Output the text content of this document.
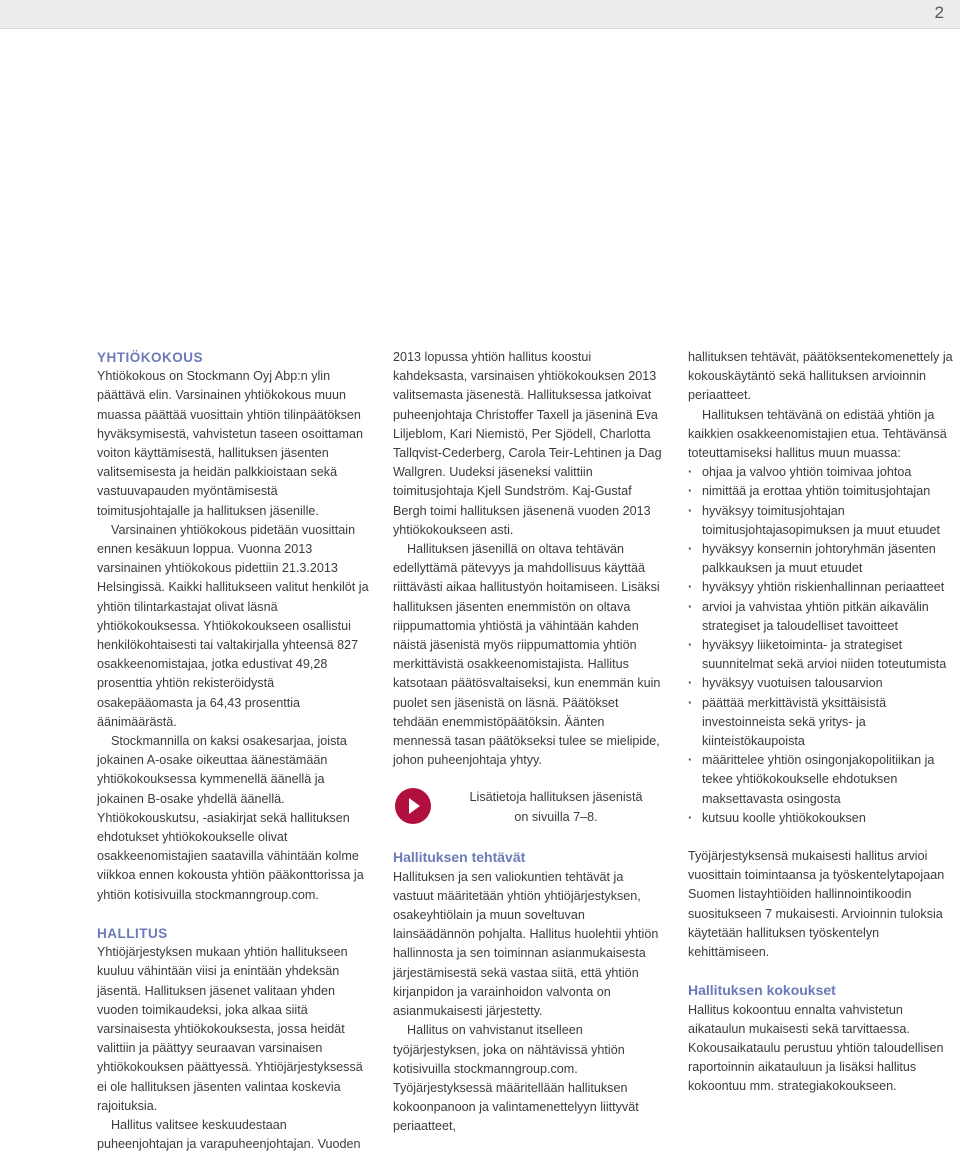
2
YHTIÖKOKOUS

Yhtiökokous on Stockmann Oyj Abp:n ylin päättävä elin. Varsinainen yhtiökokous muun muassa päättää vuosittain yhtiön tilinpäätöksen hyväksymisestä, vahvistetun taseen osoittaman voiton käyttämisestä, hallituksen jäsenten valitsemisesta ja heidän palkkioistaan sekä vastuuvapauden myöntämisestä toimitusjohtajalle ja hallituksen jäsenille.

Varsinainen yhtiökokous pidetään vuosittain ennen kesäkuun loppua. Vuonna 2013 varsinainen yhtiökokous pidettiin 21.3.2013 Helsingissä. Kaikki hallitukseen valitut henkilöt ja yhtiön tilintarkastajat olivat läsnä yhtiökokouksessa. Yhtiökokoukseen osallistui henkilökohtaisesti tai valtakirjalla yhteensä 827 osakkeenomistajaa, jotka edustivat 49,28 prosenttia yhtiön rekisteröidystä osakepääomasta ja 64,43 prosenttia äänimäärästä.

Stockmannilla on kaksi osakesarjaa, joista jokainen A-osake oikeuttaa äänestämään yhtiökokouksessa kymmenellä äänellä ja jokainen B-osake yhdellä äänellä. Yhtiökokouskutsu, -asiakirjat sekä hallituksen ehdotukset yhtiökokoukselle olivat osakkeenomistajien saatavilla vähintään kolme viikkoa ennen kokousta yhtiön pääkonttorissa ja yhtiön kotisivuilla stockmanngroup.com.

HALLITUS

Yhtiöjärjestyksen mukaan yhtiön hallitukseen kuuluu vähintään viisi ja enintään yhdeksän jäsentä. Hallituksen jäsenet valitaan yhden vuoden toimikaudeksi, joka alkaa siitä varsinaisesta yhtiökokouksesta, jossa heidät valittiin ja päättyy seuraavan varsinaisen yhtiökokouksen päättyessä. Yhtiöjärjestyksessä ei ole hallituksen jäsenten valintaa koskevia rajoituksia.

Hallitus valitsee keskuudestaan puheenjohtajan ja varapuheenjohtajan. Vuoden

2013 lopussa yhtiön hallitus koostui kahdeksasta, varsinaisen yhtiökokouksen 2013 valitsemasta jäsenestä. Hallituksessa jatkoivat puheenjohtaja Christoffer Taxell ja jäseninä Eva Liljeblom, Kari Niemistö, Per Sjödell, Charlotta Tallqvist-Cederberg, Carola Teir-Lehtinen ja Dag Wallgren. Uudeksi jäseneksi valittiin toimitusjohtaja Kjell Sundström. Kaj-Gustaf Bergh toimi hallituksen jäsenenä vuoden 2013 yhtiökokoukseen asti.

Hallituksen jäsenillä on oltava tehtävän edellyttämä pätevyys ja mahdollisuus käyttää riittävästi aikaa hallitustyön hoitamiseen. Lisäksi hallituksen jäsenten enemmistön on oltava riippumattomia yhtiöstä ja vähintään kahden näistä jäsenistä myös riippumattomia yhtiön merkittävistä osakkeenomistajista. Hallitus katsotaan päätösvaltaiseksi, kun enemmän kuin puolet sen jäsenistä on läsnä. Päätökset tehdään enemmistöpäätöksin. Äänten mennessä tasan päätökseksi tulee se mielipide, johon puheenjohtaja yhtyy.

Lisätietoja hallituksen jäsenistä
on sivuilla 7–8.
Hallituksen tehtävät

Hallituksen ja sen valiokuntien tehtävät ja vastuut määritetään yhtiön yhtiöjärjestyksen, osakeyhtiölain ja muun soveltuvan lainsäädännön pohjalta. Hallitus huolehtii yhtiön hallinnosta ja sen toiminnan asianmukaisesta järjestämisestä sekä vastaa siitä, että yhtiön kirjanpidon ja varainhoidon valvonta on asianmukaisesti järjestetty.

Hallitus on vahvistanut itselleen työjärjestyksen, joka on nähtävissä yhtiön kotisivuilla stockmanngroup.com. Työjärjestyksessä määritellään hallituksen kokoonpanoon ja valintamenettelyyn liittyvät periaatteet,

hallituksen tehtävät, päätöksentekomenettely ja kokouskäytäntö sekä hallituksen arvioinnin periaatteet.

Hallituksen tehtävänä on edistää yhtiön ja kaikkien osakkeenomistajien etua. Tehtävänsä toteuttamiseksi hallitus muun muassa:

· ohjaa ja valvoo yhtiön toimivaa johtoa
· nimittää ja erottaa yhtiön toimitusjohtajan
· hyväksyy toimitusjohtajan toimitusjohtajasopimuksen ja muut etuudet
· hyväksyy konsernin johtoryhmän jäsenten palkkauksen ja muut etuudet
· hyväksyy yhtiön riskienhallinnan periaatteet
· arvioi ja vahvistaa yhtiön pitkän aikavälin strategiset ja taloudelliset tavoitteet
· hyväksyy liiketoiminta- ja strategiset suunnitelmat sekä arvioi niiden toteutumista
· hyväksyy vuotuisen talousarvion
· päättää merkittävistä yksittäisistä investoinneista sekä yritys- ja kiinteistökaupoista
· määrittelee yhtiön osingonjakopolitiikan ja tekee yhtiökokoukselle ehdotuksen maksettavasta osingosta
· kutsuu koolle yhtiökokouksen

Työjärjestyksensä mukaisesti hallitus arvioi vuosittain toimintaansa ja työskentelytapojaan Suomen listayhtiöiden hallinnointikoodin suositukseen 7 mukaisesti. Arvioinnin tuloksia käytetään hallituksen työskentelyn kehittämiseen.

Hallituksen kokoukset

Hallitus kokoontuu ennalta vahvistetun aikataulun mukaisesti sekä tarvittaessa. Kokousaikataulu perustuu yhtiön taloudellisen raportoinnin aikatauluun ja lisäksi hallitus kokoontuu mm. strategiakokoukseen.
